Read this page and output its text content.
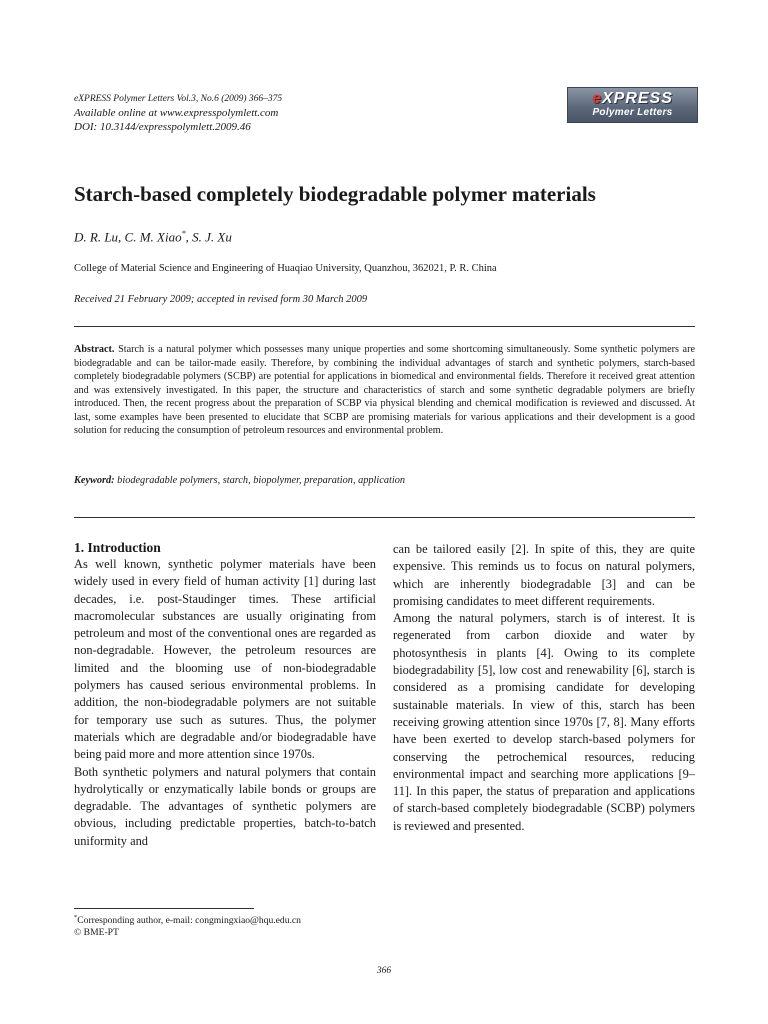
eXPRESS Polymer Letters Vol.3, No.6 (2009) 366–375
Available online at www.expresspolymlett.com
DOI: 10.3144/expresspolymlett.2009.46
eXPRESS
Polymer Letters
Starch-based completely biodegradable polymer materials
D. R. Lu, C. M. Xiao*, S. J. Xu
College of Material Science and Engineering of Huaqiao University, Quanzhou, 362021, P. R. China
Received 21 February 2009; accepted in revised form 30 March 2009
Abstract. Starch is a natural polymer which possesses many unique properties and some shortcoming simultaneously. Some synthetic polymers are biodegradable and can be tailor-made easily. Therefore, by combining the individual advantages of starch and synthetic polymers, starch-based completely biodegradable polymers (SCBP) are potential for applications in biomedical and environmental fields. Therefore it received great attention and was extensively investigated. In this paper, the structure and characteristics of starch and some synthetic degradable polymers are briefly introduced. Then, the recent progress about the preparation of SCBP via physical blending and chemical modification is reviewed and discussed. At last, some examples have been presented to elucidate that SCBP are promising materials for various applications and their development is a good solution for reducing the consumption of petroleum resources and environmental problem.
Keyword: biodegradable polymers, starch, biopolymer, preparation, application
1. Introduction

As well known, synthetic polymer materials have been widely used in every field of human activity [1] during last decades, i.e. post-Staudinger times. These artificial macromolecular substances are usually originating from petroleum and most of the conventional ones are regarded as non-degradable. However, the petroleum resources are limited and the blooming use of non-biodegradable polymers has caused serious environmental problems. In addition, the non-biodegradable polymers are not suitable for temporary use such as sutures. Thus, the polymer materials which are degradable and/or biodegradable have being paid more and more attention since 1970s.

Both synthetic polymers and natural polymers that contain hydrolytically or enzymatically labile bonds or groups are degradable. The advantages of synthetic polymers are obvious, including predictable properties, batch-to-batch uniformity and

can be tailored easily [2]. In spite of this, they are quite expensive. This reminds us to focus on natural polymers, which are inherently biodegradable [3] and can be promising candidates to meet different requirements.

Among the natural polymers, starch is of interest. It is regenerated from carbon dioxide and water by photosynthesis in plants [4]. Owing to its complete biodegradability [5], low cost and renewability [6], starch is considered as a promising candidate for developing sustainable materials. In view of this, starch has been receiving growing attention since 1970s [7, 8]. Many efforts have been exerted to develop starch-based polymers for conserving the petrochemical resources, reducing environmental impact and searching more applications [9–11]. In this paper, the status of preparation and applications of starch-based completely biodegradable (SCBP) polymers is reviewed and presented.

*Corresponding author, e-mail: congmingxiao@hqu.edu.cn
© BME-PT
366
